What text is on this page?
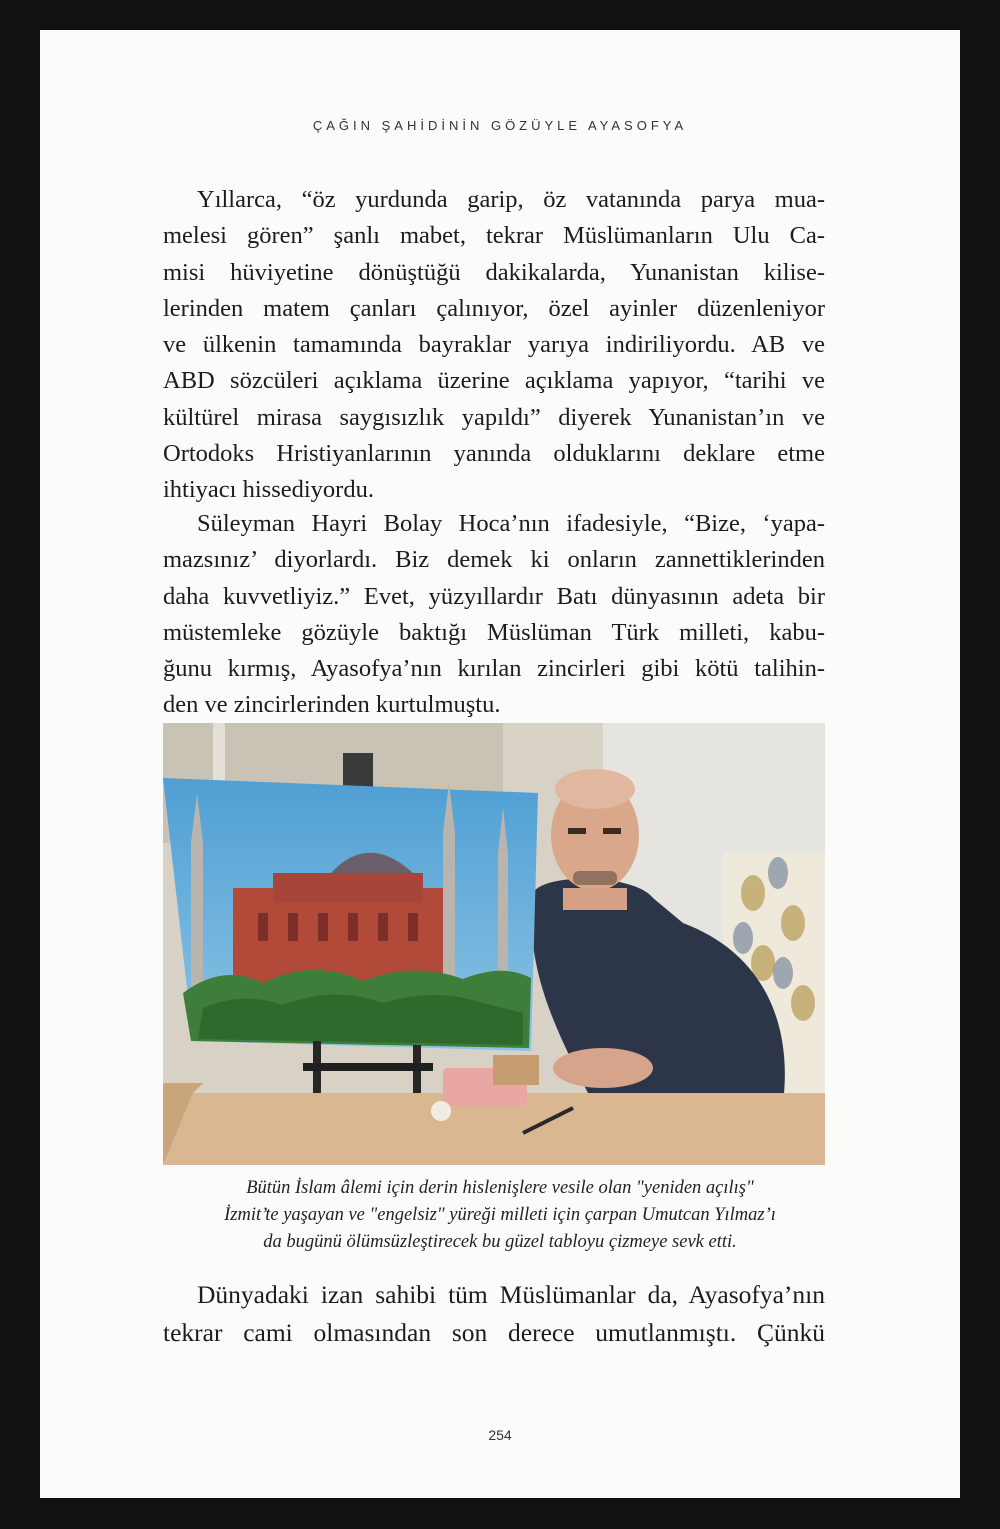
ÇAĞIN ŞAHİDİNİN GÖZÜYLE AYASOFYA
Yıllarca, “öz yurdunda garip, öz vatanında parya mua-
melesi gören” şanlı mabet, tekrar Müslümanların Ulu Ca-
misi hüviyetine dönüştüğü dakikalarda, Yunanistan kilise-
lerinden matem çanları çalınıyor, özel ayinler düzenleniyor
ve ülkenin tamamında bayraklar yarıya indiriliyordu. AB ve
ABD sözcüleri açıklama üzerine açıklama yapıyor, “tarihi ve
kültürel mirasa saygısızlık yapıldı” diyerek Yunanistan’ın ve
Ortodoks Hristiyanlarının yanında olduklarını deklare etme
ihtiyacı hissediyordu.
Süleyman Hayri Bolay Hoca’nın ifadesiyle, “Bize, ‘yapa-
mazsınız’ diyorlardı. Biz demek ki onların zannettiklerinden
daha kuvvetliyiz.” Evet, yüzyıllardır Batı dünyasının adeta bir
müstemleke gözüyle baktığı Müslüman Türk milleti, kabu-
ğunu kırmış, Ayasofya’nın kırılan zincirleri gibi kötü talihin-
den ve zincirlerinden kurtulmuştu.
Bütün İslam âlemi için derin hislenişlere vesile olan "yeniden açılış"
İzmit’te yaşayan ve "engelsiz" yüreği milleti için çarpan Umutcan Yılmaz’ı
da bugünü ölümsüzleştirecek bu güzel tabloyu çizmeye sevk etti.
Dünyadaki izan sahibi tüm Müslümanlar da, Ayasofya’nın
tekrar cami olmasından son derece umutlanmıştı. Çünkü
254
